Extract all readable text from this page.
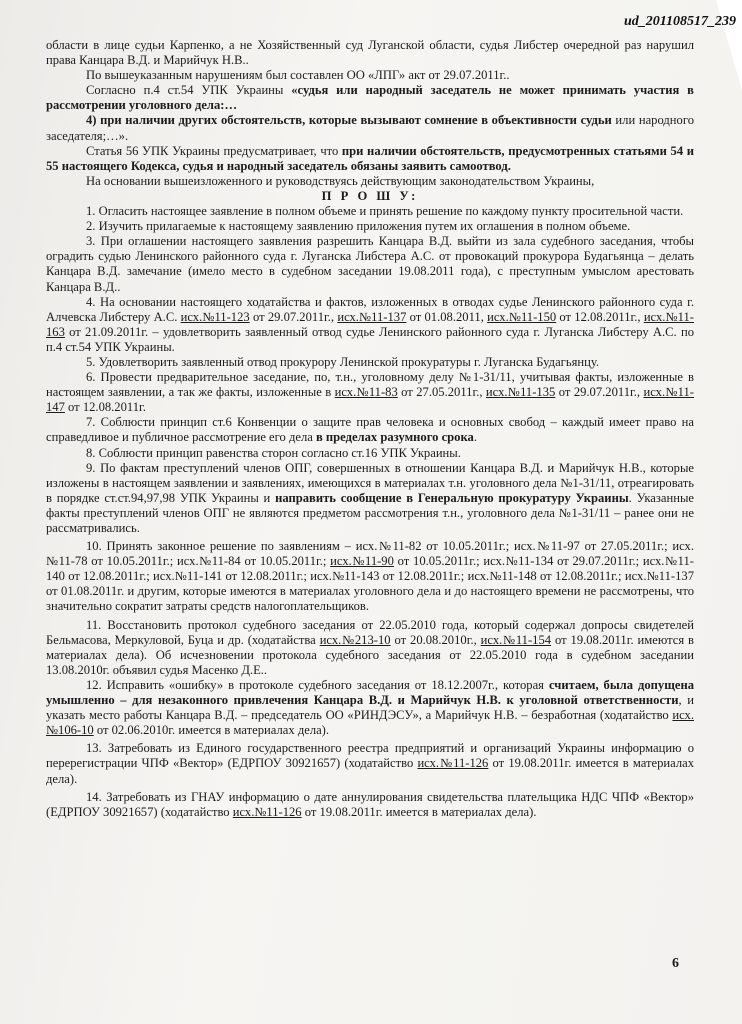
ud_201108517_239

области в лице судьи Карпенко, а не Хозяйственный суд Луганской области, судья Либстер очередной раз нарушил права Канцара В.Д. и Марийчук Н.В..

По вышеуказанным нарушениям был составлен ОО «ЛПГ» акт от 29.07.2011г..

Согласно п.4 ст.54 УПК Украины «судья или народный заседатель не может принимать участия в рассмотрении уголовного дела:…

4) при наличии других обстоятельств, которые вызывают сомнение в объективности судьи или народного заседателя;…».

Статья 56 УПК Украины предусматривает, что при наличии обстоятельств, предусмотренных статьями 54 и 55 настоящего Кодекса, судья и народный заседатель обязаны заявить самоотвод.

На основании вышеизложенного и руководствуясь действующим законодательством Украины,

П Р О Ш У:

1. Огласить настоящее заявление в полном объеме и принять решение по каждому пункту просительной части.

2. Изучить прилагаемые к настоящему заявлению приложения путем их оглашения в полном объеме.

3. При оглашении настоящего заявления разрешить Канцара В.Д. выйти из зала судебного заседания, чтобы оградить судью Ленинского районного суда г. Луганска Либстера А.С. от провокаций прокурора Будагьянца – делать Канцара В.Д. замечание (имело место в судебном заседании 19.08.2011 года), с преступным умыслом арестовать Канцара В.Д..

4. На основании настоящего ходатайства и фактов, изложенных в отводах судье Ленинского районного суда г. Алчевска Либстеру А.С. исх.№11-123 от 29.07.2011г., исх.№11-137 от 01.08.2011, исх.№11-150 от 12.08.2011г., исх.№11-163 от 21.09.2011г. – удовлетворить заявленный отвод судье Ленинского районного суда г. Луганска Либстеру А.С. по п.4 ст.54 УПК Украины.

5. Удовлетворить заявленный отвод прокурору Ленинской прокуратуры г. Луганска Будагьянцу.

6. Провести предварительное заседание, по, т.н., уголовному делу №1-31/11, учитывая факты, изложенные в настоящем заявлении, а так же факты, изложенные в исх.№11-83 от 27.05.2011г., исх.№11-135 от 29.07.2011г., исх.№11-147 от 12.08.2011г.

7. Соблюсти принцип ст.6 Конвенции о защите прав человека и основных свобод – каждый имеет право на справедливое и публичное рассмотрение его дела в пределах разумного срока.

8. Соблюсти принцип равенства сторон согласно ст.16 УПК Украины.

9. По фактам преступлений членов ОПГ, совершенных в отношении Канцара В.Д. и Марийчук Н.В., которые изложены в настоящем заявлении и заявлениях, имеющихся в материалах т.н. уголовного дела №1-31/11, отреагировать в порядке ст.ст.94,97,98 УПК Украины и направить сообщение в Генеральную прокуратуру Украины. Указанные факты преступлений членов ОПГ не являются предметом рассмотрения т.н., уголовного дела №1-31/11 – ранее они не рассматривались.

10. Принять законное решение по заявлениям – исх.№11-82 от 10.05.2011г.; исх.№11-97 от 27.05.2011г.; исх.№11-78 от 10.05.2011г.; исх.№11-84 от 10.05.2011г.; исх.№11-90 от 10.05.2011г.; исх.№11-134 от 29.07.2011г.; исх.№11-140 от 12.08.2011г.; исх.№11-141 от 12.08.2011г.; исх.№11-143 от 12.08.2011г.; исх.№11-148 от 12.08.2011г.; исх.№11-137 от 01.08.2011г. и другим, которые имеются в материалах уголовного дела и до настоящего времени не рассмотрены, что значительно сократит затраты средств налогоплательщиков.

11. Восстановить протокол судебного заседания от 22.05.2010 года, который содержал допросы свидетелей Бельмасова, Меркуловой, Буца и др. (ходатайства исх.№213-10 от 20.08.2010г., исх.№11-154 от 19.08.2011г. имеются в материалах дела). Об исчезновении протокола судебного заседания от 22.05.2010 года в судебном заседании 13.08.2010г. объявил судья Масенко Д.Е..

12. Исправить «ошибку» в протоколе судебного заседания от 18.12.2007г., которая считаем, была допущена умышленно – для незаконного привлечения Канцара В.Д. и Марийчук Н.В. к уголовной ответственности, и указать место работы Канцара В.Д. – председатель ОО «РИНДЭСУ», а Марийчук Н.В. – безработная (ходатайство исх.№106-10 от 02.06.2010г. имеется в материалах дела).

13. Затребовать из Единого государственного реестра предприятий и организаций Украины информацию о перерегистрации ЧПФ «Вектор» (ЕДРПОУ 30921657) (ходатайство исх.№11-126 от 19.08.2011г. имеется в материалах дела).

14. Затребовать из ГНАУ информацию о дате аннулирования свидетельства плательщика НДС ЧПФ «Вектор» (ЕДРПОУ 30921657) (ходатайство исх.№11-126 от 19.08.2011г. имеется в материалах дела).

6
